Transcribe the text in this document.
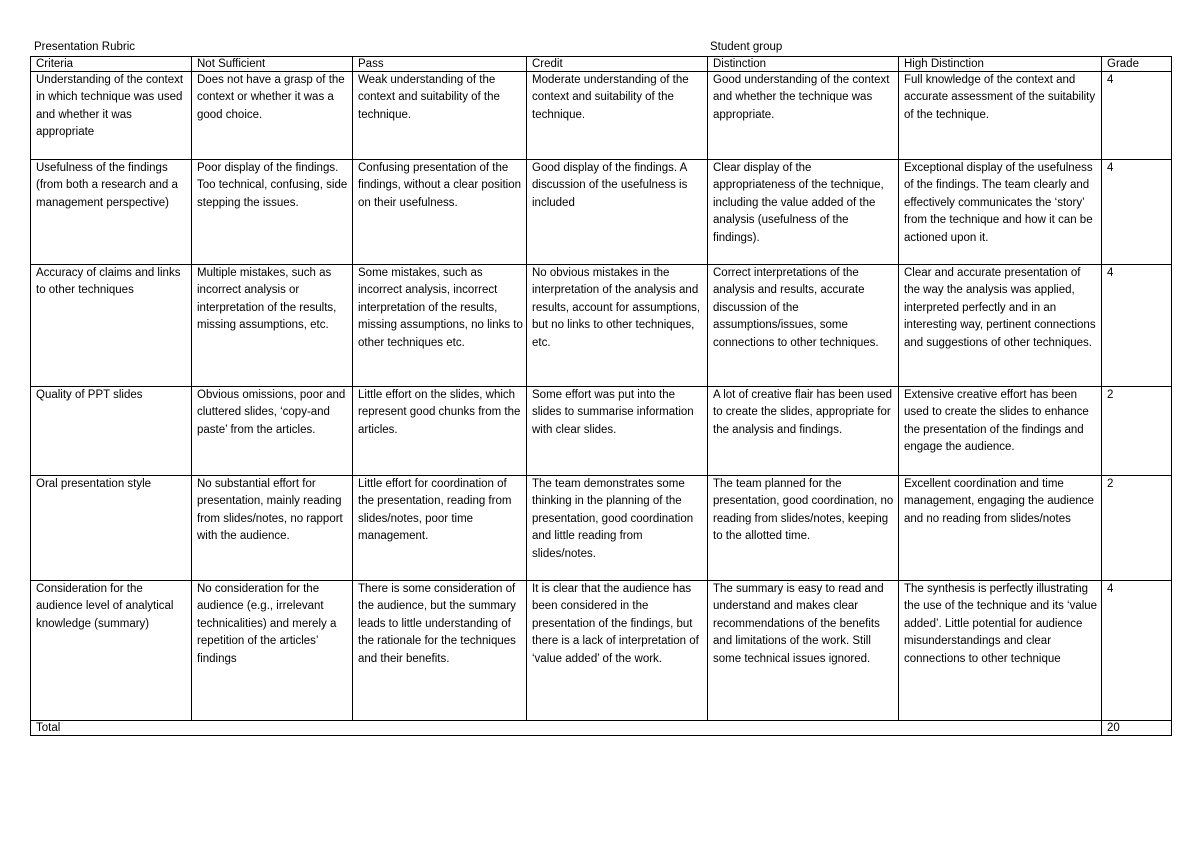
Presentation Rubric	Student group
Criteria	Not Sufficient	Pass	Credit	Distinction	High Distinction	Grade
Understanding of the context in which technique was used and whether it was appropriate	Does not have a grasp of the context or whether it was a good choice.	Weak understanding of the context and suitability of the technique.	Moderate understanding of the context and suitability of the technique.	Good understanding of the context and whether the technique was appropriate.	Full knowledge of the context and accurate assessment of the suitability of the technique.	4
Usefulness of the findings (from both a research and a management perspective)	Poor display of the findings. Too technical, confusing, side stepping the issues.	Confusing presentation of the findings, without a clear position on their usefulness.	Good display of the findings. A discussion of the usefulness is included	Clear display of the appropriateness of the technique, including the value added of the analysis (usefulness of the findings).	Exceptional display of the usefulness of the findings. The team clearly and effectively communicates the ‘story’ from the technique and how it can be actioned upon it.	4
Accuracy of claims and links to other techniques	Multiple mistakes, such as incorrect analysis or interpretation of the results, missing assumptions, etc.	Some mistakes, such as incorrect analysis, incorrect interpretation of the results, missing assumptions, no links to other techniques etc.	No obvious mistakes in the interpretation of the analysis and results, account for assumptions, but no links to other techniques, etc.	Correct interpretations of the analysis and results, accurate discussion of the assumptions/issues, some connections to other techniques.	Clear and accurate presentation of the way the analysis was applied, interpreted perfectly and in an interesting way, pertinent connections and suggestions of other techniques.	4
Quality of PPT slides	Obvious omissions, poor and cluttered slides, ‘copy-and paste’ from the articles.	Little effort on the slides, which represent good chunks from the articles.	Some effort was put into the slides to summarise information with clear slides.	A lot of creative flair has been used to create the slides, appropriate for the analysis and findings.	Extensive creative effort has been used to create the slides to enhance the presentation of the findings and engage the audience.	2
Oral presentation style	No substantial effort for presentation, mainly reading from slides/notes, no rapport with the audience.	Little effort for coordination of the presentation, reading from slides/notes, poor time management.	The team demonstrates some thinking in the planning of the presentation, good coordination and little reading from slides/notes.	The team planned for the presentation, good coordination, no reading from slides/notes, keeping to the allotted time.	Excellent coordination and time management, engaging the audience and no reading from slides/notes	2
Consideration for the audience level of analytical knowledge (summary)	No consideration for the audience (e.g., irrelevant technicalities) and merely a repetition of the articles’ findings	There is some consideration of the audience, but the summary leads to little understanding of the rationale for the techniques and their benefits.	It is clear that the audience has been considered in the presentation of the findings, but there is a lack of interpretation of ‘value added’ of the work.	The summary is easy to read and understand and makes clear recommendations of the benefits and limitations of the work. Still some technical issues ignored.	The synthesis is perfectly illustrating the use of the technique and its ‘value added’. Little potential for audience misunderstandings and clear connections to other technique	4
Total						20
